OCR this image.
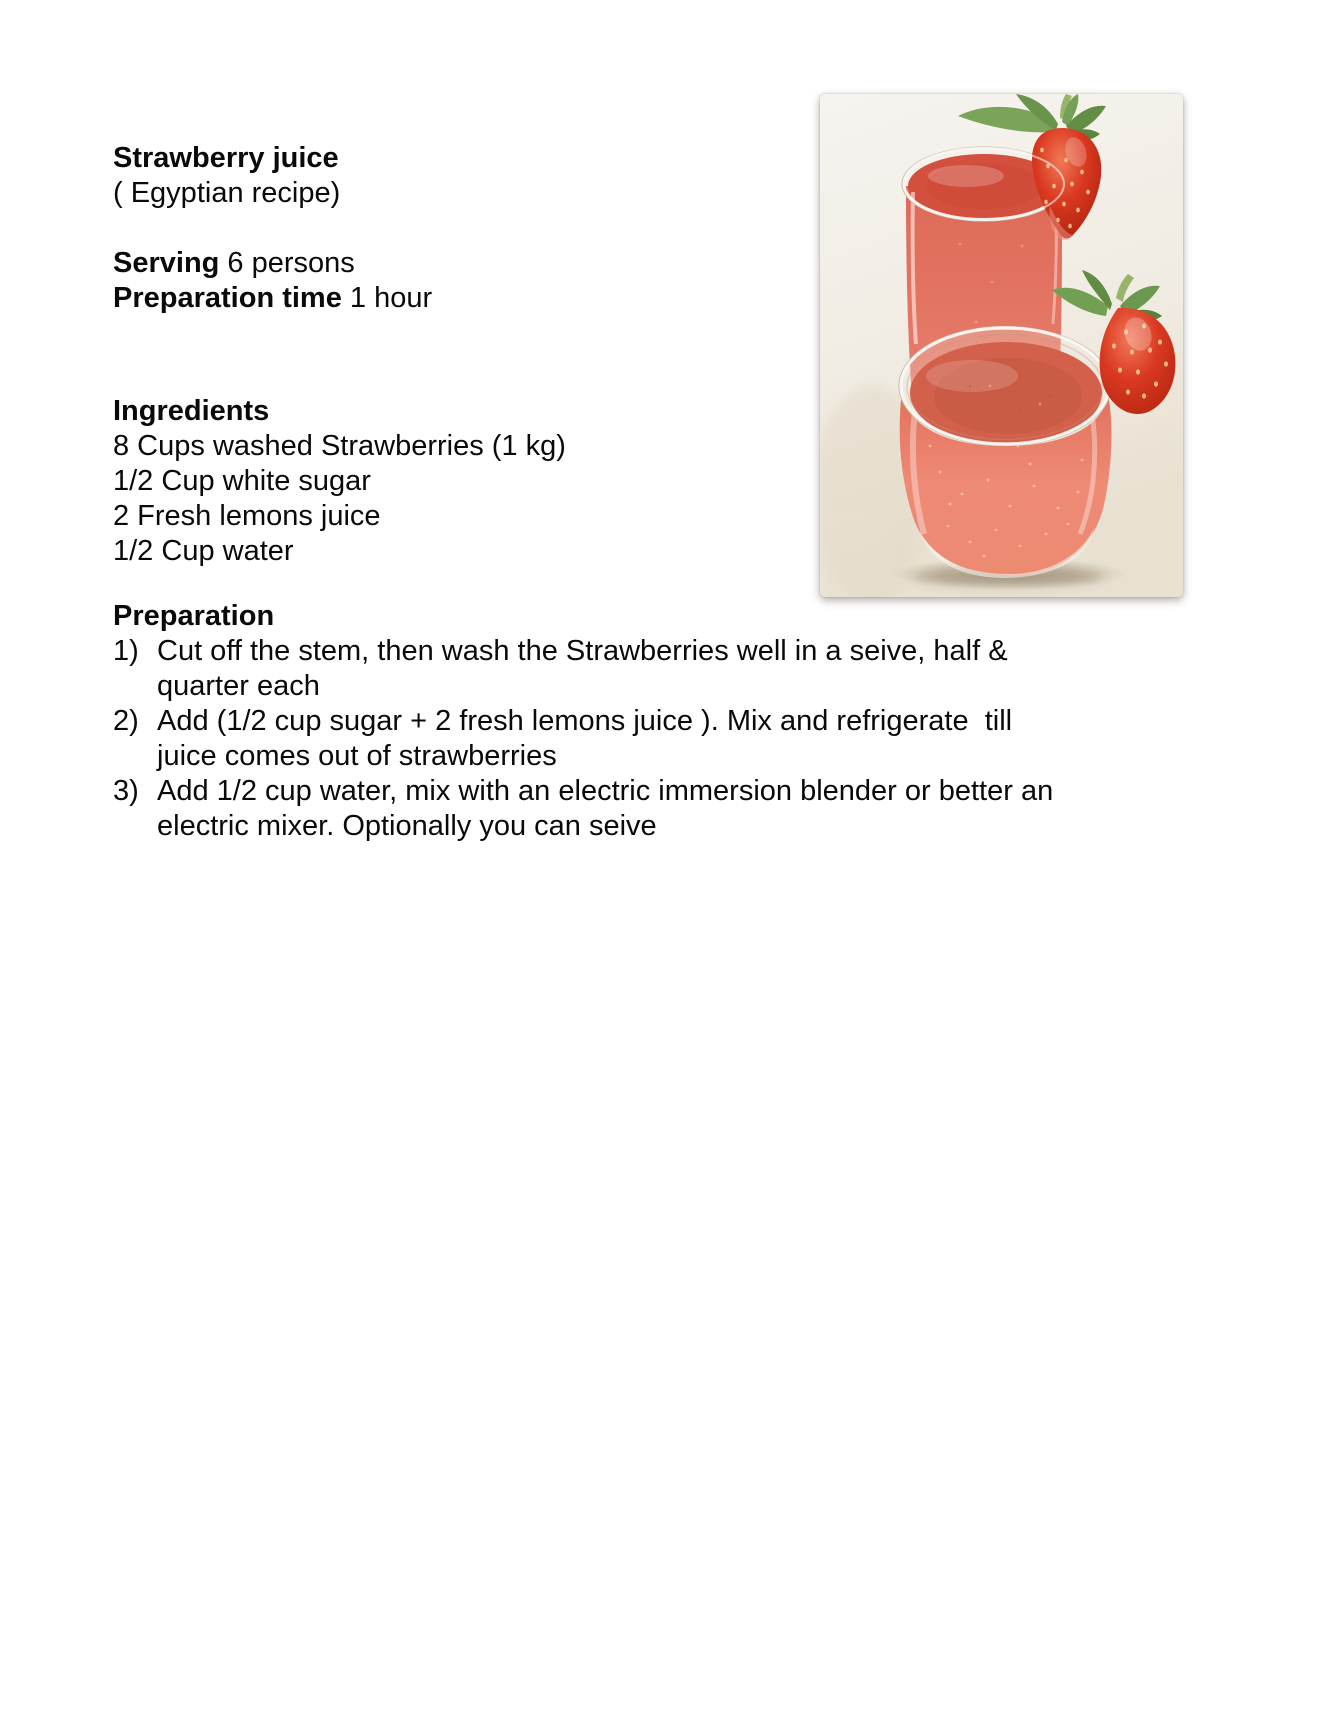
Strawberry juice
( Egyptian recipe)
Serving 6 persons
Preparation time 1 hour
Ingredients
8 Cups washed Strawberries (1 kg)
1/2 Cup white sugar
2 Fresh lemons juice
1/2 Cup water
Preparation
1) Cut off the stem, then wash the Strawberries well in a seive, half & quarter each
2) Add (1/2 cup sugar + 2 fresh lemons juice ). Mix and refrigerate  till juice comes out of strawberries
3) Add 1/2 cup water, mix with an electric immersion blender or better an electric mixer. Optionally you can seive
